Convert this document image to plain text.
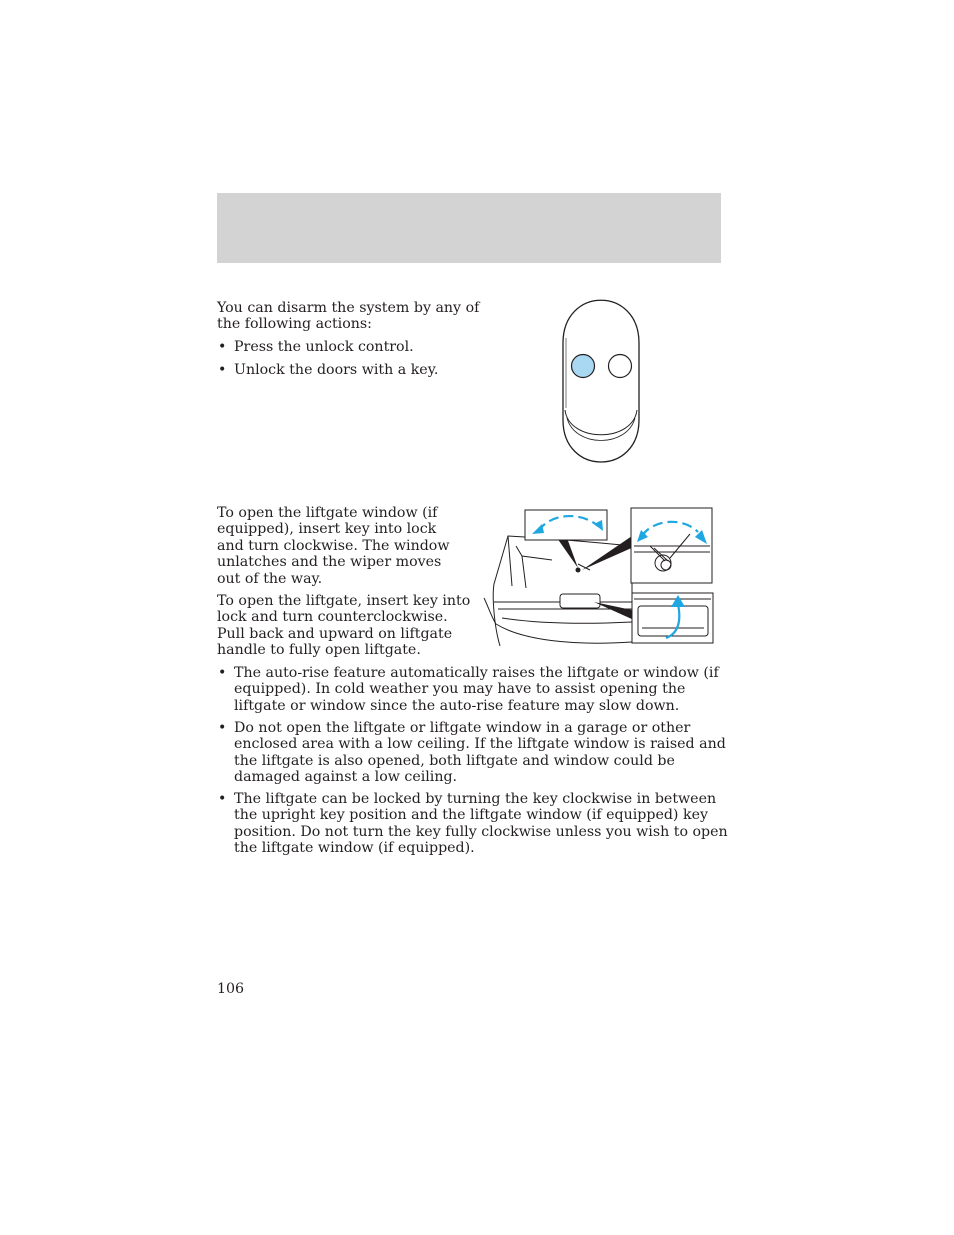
You can disarm the system by any of the following actions:

• Press the unlock control.
• Unlock the doors with a key.

To open the liftgate window (if equipped), insert key into lock and turn clockwise. The window unlatches and the wiper moves out of the way.

To open the liftgate, insert key into lock and turn counterclockwise. Pull back and upward on liftgate handle to fully open liftgate.

• The auto-rise feature automatically raises the liftgate or window (if equipped). In cold weather you may have to assist opening the liftgate or window since the auto-rise feature may slow down.
• Do not open the liftgate or liftgate window in a garage or other enclosed area with a low ceiling. If the liftgate window is raised and the liftgate is also opened, both liftgate and window could be damaged against a low ceiling.
• The liftgate can be locked by turning the key clockwise in between the upright key position and the liftgate window (if equipped) key position. Do not turn the key fully clockwise unless you wish to open the liftgate window (if equipped).
106
